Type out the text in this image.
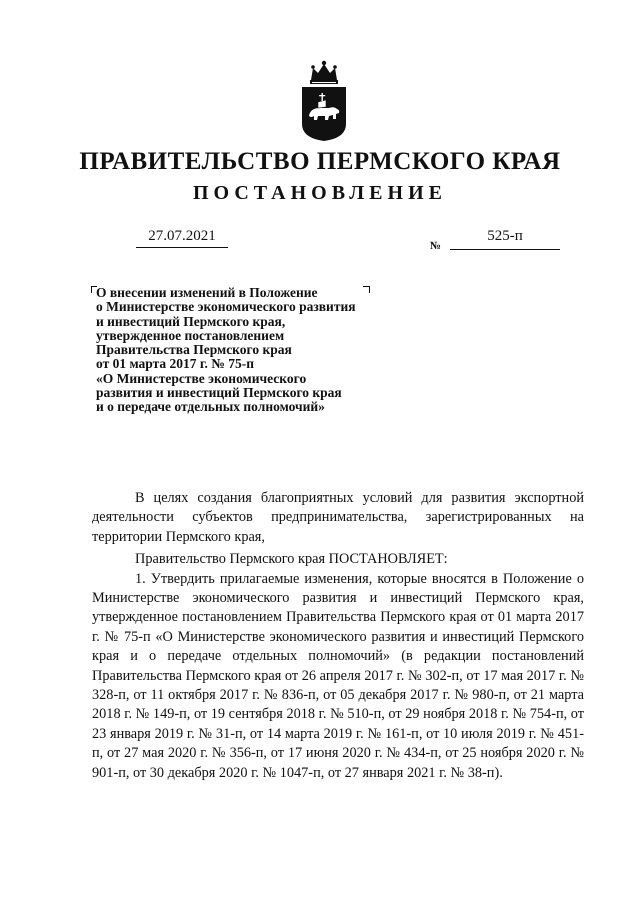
ПРАВИТЕЛЬСТВО ПЕРМСКОГО КРАЯ
ПОСТАНОВЛЕНИЕ
27.07.2021
№
525-п
О внесении изменений в Положение
о Министерстве экономического развития
и инвестиций Пермского края,
утвержденное постановлением
Правительства Пермского края
от 01 марта 2017 г. № 75-п
«О Министерстве экономического
развития и инвестиций Пермского края
и о передаче отдельных полномочий»

В целях создания благоприятных условий для развития экспортной деятельности субъектов предпринимательства, зарегистрированных на территории Пермского края,

Правительство Пермского края ПОСТАНОВЛЯЕТ:

1. Утвердить прилагаемые изменения, которые вносятся в Положение о Министерстве экономического развития и инвестиций Пермского края, утвержденное постановлением Правительства Пермского края от 01 марта 2017 г. № 75-п «О Министерстве экономического развития и инвестиций Пермского края и о передаче отдельных полномочий» (в редакции постановлений Правительства Пермского края от 26 апреля 2017 г. № 302-п, от 17 мая 2017 г. № 328-п, от 11 октября 2017 г. № 836-п, от 05 декабря 2017 г. № 980-п, от 21 марта 2018 г. № 149-п, от 19 сентября 2018 г. № 510-п, от 29 ноября 2018 г. № 754-п, от 23 января 2019 г. № 31-п, от 14 марта 2019 г. № 161-п, от 10 июля 2019 г. № 451-п, от 27 мая 2020 г. № 356-п, от 17 июня 2020 г. № 434-п, от 25 ноября 2020 г. № 901-п, от 30 декабря 2020 г. № 1047-п, от 27 января 2021 г. № 38-п).
